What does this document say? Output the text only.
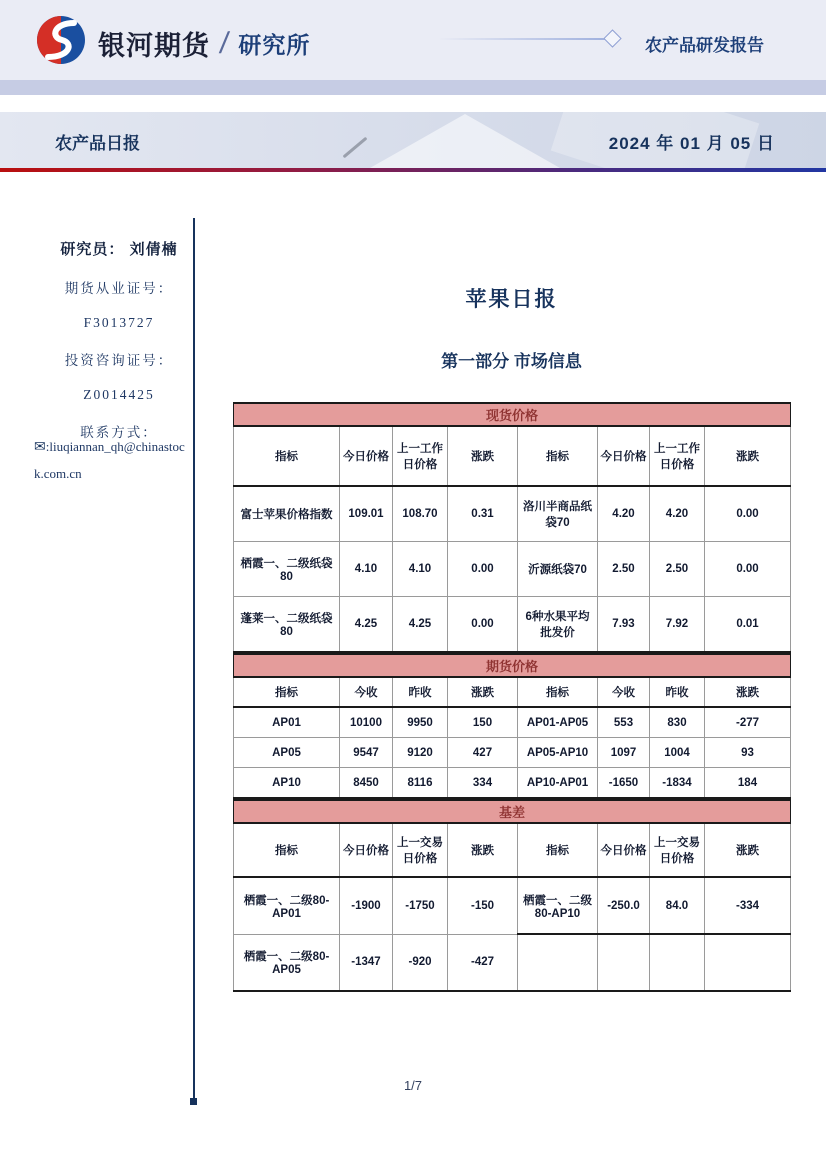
银河期货 / 研究所	农产品研发报告
农产品日报	2024 年 01 月 05 日
研究员： 刘倩楠
期货从业证号：
F3013727
投资咨询证号：
Z0014425
联系方式：
✉:liuqiannan_qh@chinastock.com.cn
苹果日报
第一部分 市场信息
现货价格							
指标	今日价格	上一工作日价格	涨跌	指标	今日价格	上一工作日价格	涨跌
富士苹果价格指数	109.01	108.70	0.31	洛川半商品纸袋70	4.20	4.20	0.00
栖霞一、二级纸袋 80	4.10	4.10	0.00	沂源纸袋70	2.50	2.50	0.00
蓬莱一、二级纸袋 80	4.25	4.25	0.00	6种水果平均批发价	7.93	7.92	0.01
期货价格							
指标	今收	昨收	涨跌	指标	今收	昨收	涨跌
AP01	10100	9950	150	AP01-AP05	553	830	-277
AP05	9547	9120	427	AP05-AP10	1097	1004	93
AP10	8450	8116	334	AP10-AP01	-1650	-1834	184
基差							
指标	今日价格	上一交易日价格	涨跌	指标	今日价格	上一交易日价格	涨跌
栖霞一、二级80-AP01	-1900	-1750	-150	栖霞一、二级80-AP10	-250.0	84.0	-334
栖霞一、二级80-AP05	-1347	-920	-427				
1/7
